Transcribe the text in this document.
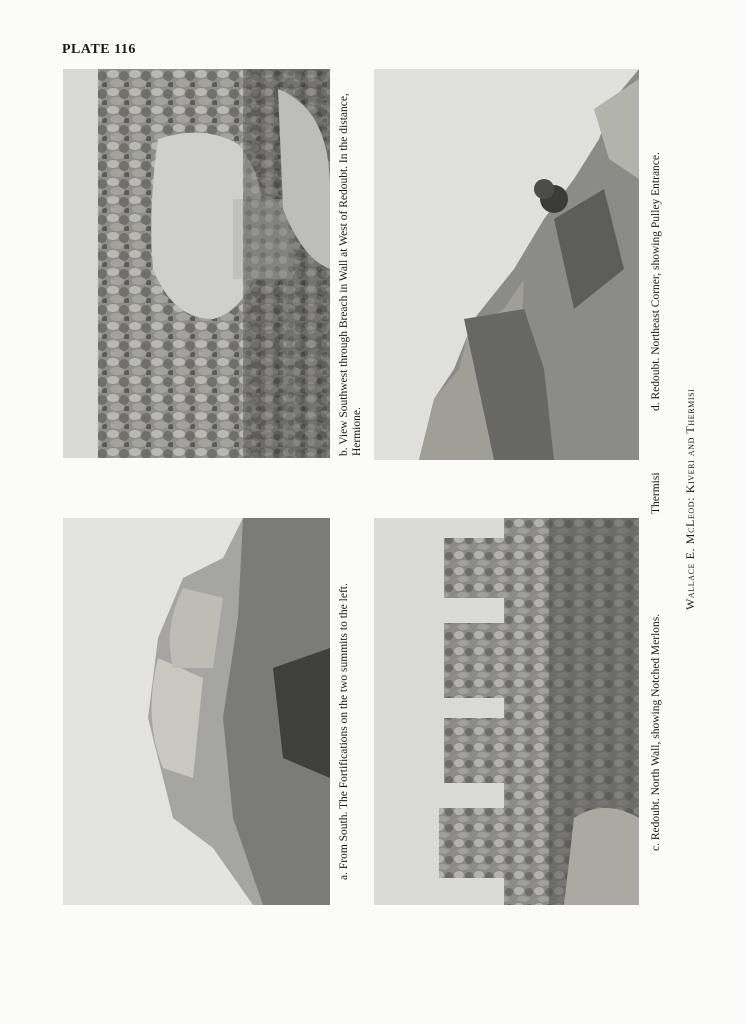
PLATE 116
a. From South. The Fortifications on the two summits to the left.
b. View Southwest through Breach in Wall at West of Redoubt. In the distance, Hermione.
c. Redoubt. North Wall, showing Notched Merlons.
d. Redoubt. Northeast Corner, showing Pulley Entrance.
Thermisi Wallace E. McLeod: Kiveri and Thermisi
